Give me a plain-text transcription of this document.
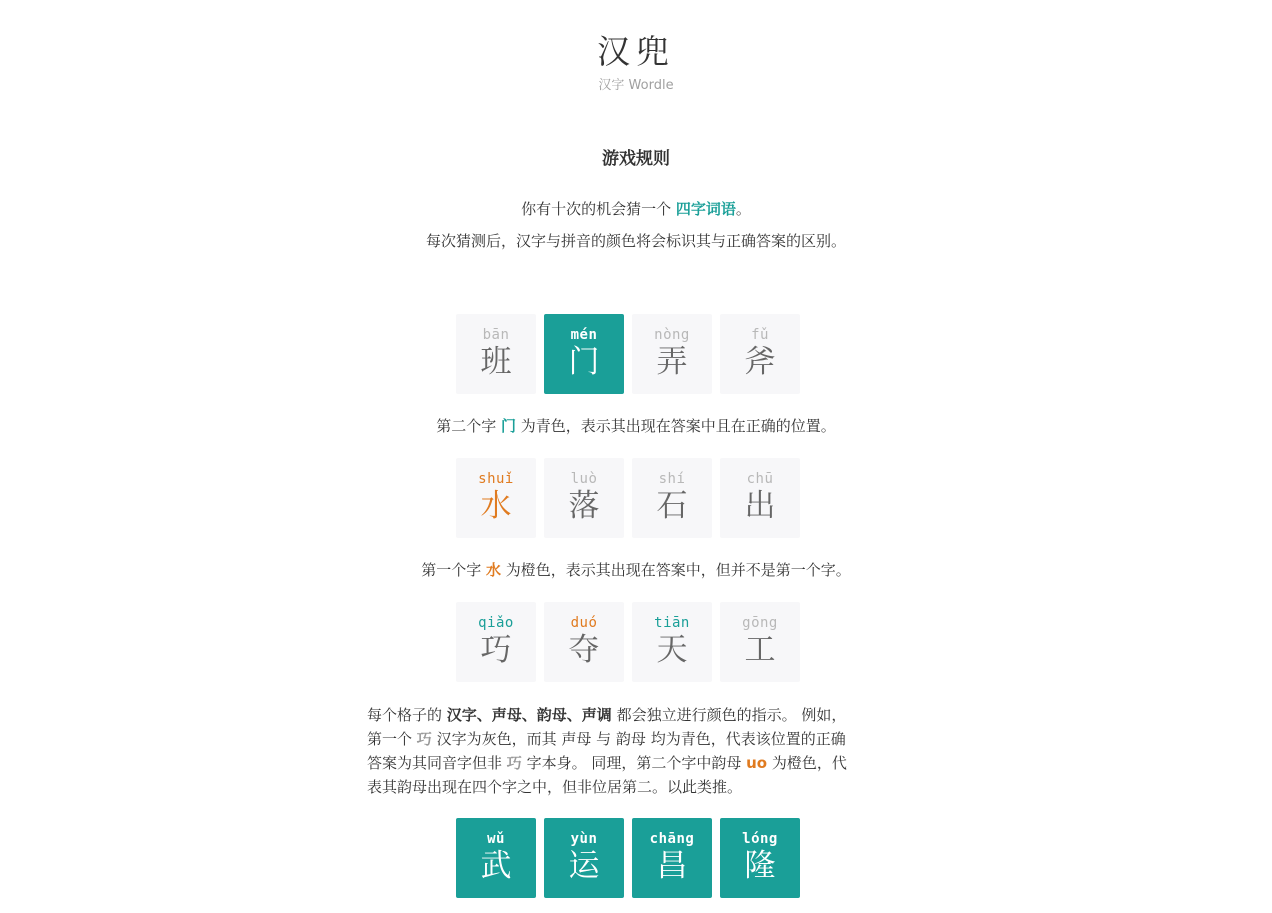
汉兜
汉字 Wordle
游戏规则
你有十次的机会猜一个 四字词语。
每次猜测后，汉字与拼音的颜色将会标识其与正确答案的区别。
bān
班
mén
门
nòng
弄
fǔ
斧
第二个字 门 为青色，表示其出现在答案中且在正确的位置。
shuǐ
水
luò
落
shí
石
chū
出
第一个字 水 为橙色，表示其出现在答案中，但并不是第一个字。
qiǎo
巧
duó
夺
tiān
天
gōng
工

每个格子的 汉字、声母、韵母、声调 都会独立进行颜色的指示。 例如，

第一个 巧 汉字为灰色，而其 声母 与 韵母 均为青色，代表该位置的正确

答案为其同音字但非 巧 字本身。 同理，第二个字中韵母 uo 为橙色，代

表其韵母出现在四个字之中，但非位居第二。以此类推。

wǔ
武
yùn
运
chāng
昌
lóng
隆
